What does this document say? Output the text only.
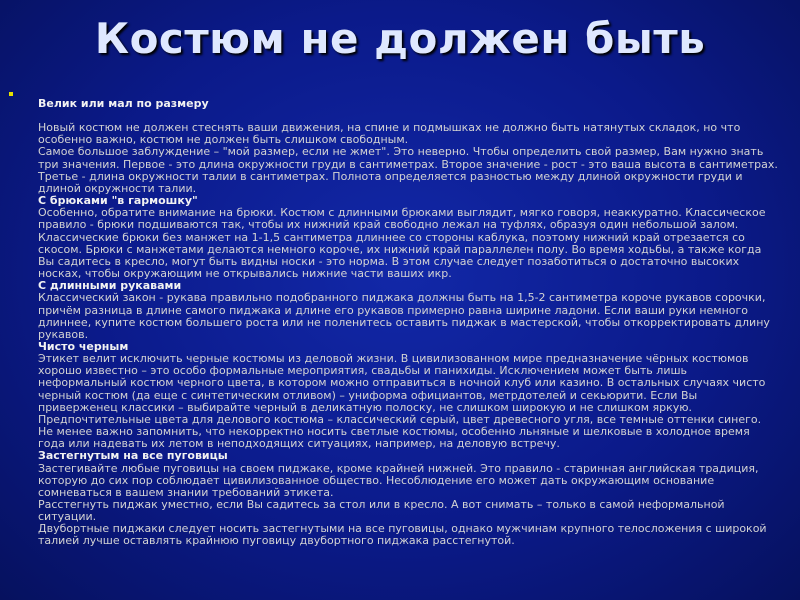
Костюм не должен быть

Велик или мал по размеру

Новый костюм не должен стеснять ваши движения, на спине и подмышках не должно быть натянутых складок, но что особенно важно, костюм не должен быть слишком свободным.

Самое большое заблуждение – "мой размер, если не жмет". Это неверно. Чтобы определить свой размер, Вам нужно знать три значения. Первое - это длина окружности груди в сантиметрах. Второе значение - рост - это ваша высота в сантиметрах. Третье - длина окружности талии в сантиметрах. Полнота определяется разностью между длиной окружности груди и длиной окружности талии.

С брюками "в гармошку"

Особенно, обратите внимание на брюки. Костюм с длинными брюками выглядит, мягко говоря, неаккуратно. Классическое правило - брюки подшиваются так, чтобы их нижний край свободно лежал на туфлях, образуя один небольшой залом. Классические брюки без манжет на 1-1,5 сантиметра длиннее со стороны каблука, поэтому нижний край отрезается со скосом. Брюки с манжетами делаются немного короче, их нижний край параллелен полу. Во время ходьбы, а также когда Вы садитесь в кресло, могут быть видны носки - это норма. В этом случае следует позаботиться о достаточно высоких носках, чтобы окружающим не открывались нижние части ваших икр.

С длинными рукавами

Классический закон - рукава правильно подобранного пиджака должны быть на 1,5-2 сантиметра короче рукавов сорочки, причём разница в длине самого пиджака и длине его рукавов примерно равна ширине ладони. Если ваши руки немного длиннее, купите костюм большего роста или не поленитесь оставить пиджак в мастерской, чтобы откорректировать длину рукавов.

Чисто черным

Этикет велит исключить черные костюмы из деловой жизни. В цивилизованном мире предназначение чёрных костюмов хорошо известно – это особо формальные мероприятия, свадьбы и панихиды. Исключением может быть лишь неформальный костюм черного цвета, в котором можно отправиться в ночной клуб или казино. В остальных случаях чисто черный костюм (да еще с синтетическим отливом) – униформа официантов, метрдотелей и секьюрити. Если Вы приверженец классики – выбирайте черный в деликатную полоску, не слишком широкую и не слишком яркую. Предпочтительные цвета для делового костюма – классический серый, цвет древесного угля, все темные оттенки синего.

Не менее важно запомнить, что некорректно носить светлые костюмы, особенно льняные и шелковые в холодное время года или надевать их летом в неподходящих ситуациях, например, на деловую встречу.

Застегнутым на все пуговицы

Застегивайте любые пуговицы на своем пиджаке, кроме крайней нижней. Это правило - старинная английская традиция, которую до сих пор соблюдает цивилизованное общество. Несоблюдение его может дать окружающим основание сомневаться в вашем знании требований этикета.

Расстегнуть пиджак уместно, если Вы садитесь за стол или в кресло. А вот снимать – только в самой неформальной ситуации.

Двубортные пиджаки следует носить застегнутыми на все пуговицы, однако мужчинам крупного телосложения с широкой талией лучше оставлять крайнюю пуговицу двубортного пиджака расстегнутой.
